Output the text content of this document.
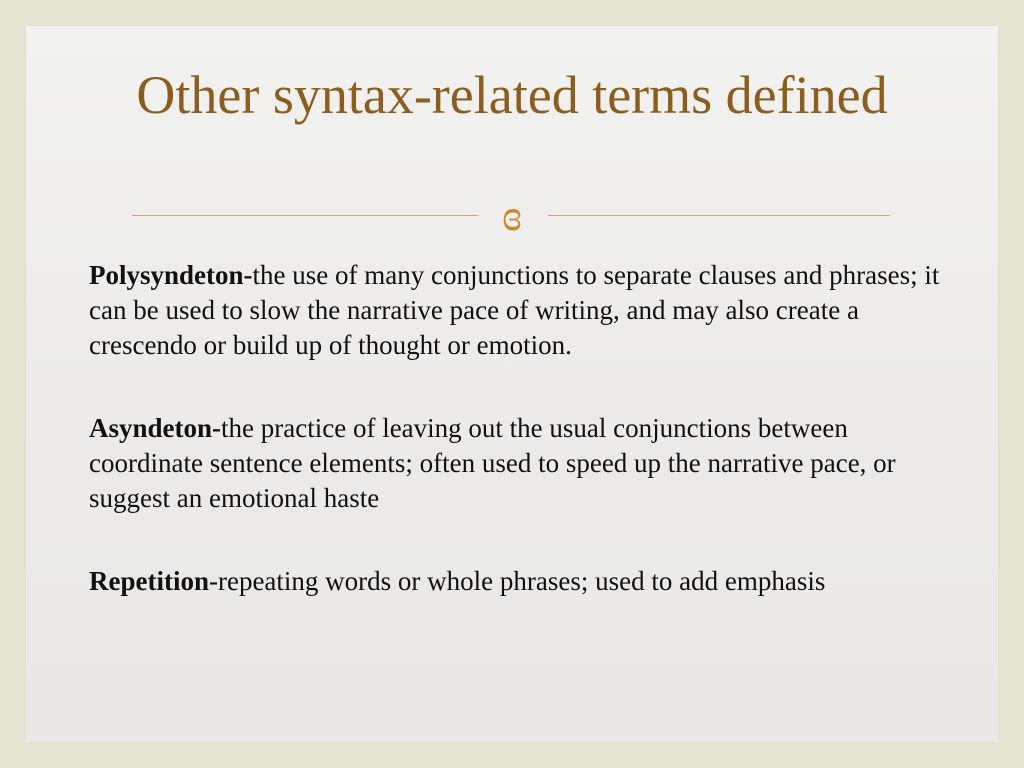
Other syntax-related terms defined
ɞ

Polysyndeton-the use of many conjunctions to separate clauses and phrases; it can be used to slow the narrative pace of writing, and may also create a crescendo or build up of thought or emotion.

Asyndeton-the practice of leaving out the usual conjunctions between coordinate sentence elements; often used to speed up the narrative pace, or suggest an emotional haste

Repetition-repeating words or whole phrases; used to add emphasis
